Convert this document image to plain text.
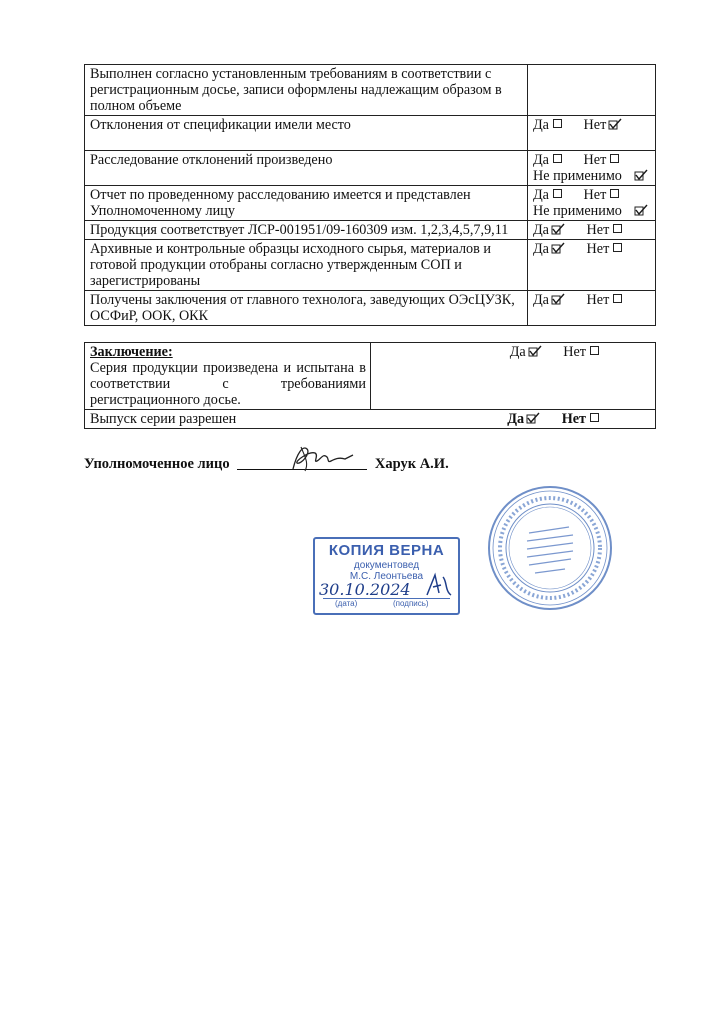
Выполнен согласно установленным требованиям в соответствии с регистрационным досье, записи оформлены надлежащим образом в полном объеме	
Отклонения от спецификации имели место	Да Нет

Расследование отклонений произведено	Да Нет
Не применимо

Отчет по проведенному расследованию имеется и представлен Уполномоченному лицу	Да Нет
Не применимо

Продукция соответствует ЛСР-001951/09-160309 изм. 1,2,3,4,5,7,9,11	Да Нет
Архивные и контрольные образцы исходного сырья, материалов и готовой продукции отобраны согласно утвержденным СОП и зарегистрированы	Да Нет
Получены заключения от главного технолога, заведующих ОЭсЦУЗК, ОСФиР, ООК, ОКК	Да Нет
Заключение:
Серия продукции произведена и испытана в соответствии с требованиями регистрационного досье.
	Да	Нет
Выпуск серии разрешен	Да	Нет
Уполномоченное лицо	Харук А.И.
КОПИЯ ВЕРНА
документовед
М.С. Леонтьева
30.10.2024
(дата)	(подпись)
